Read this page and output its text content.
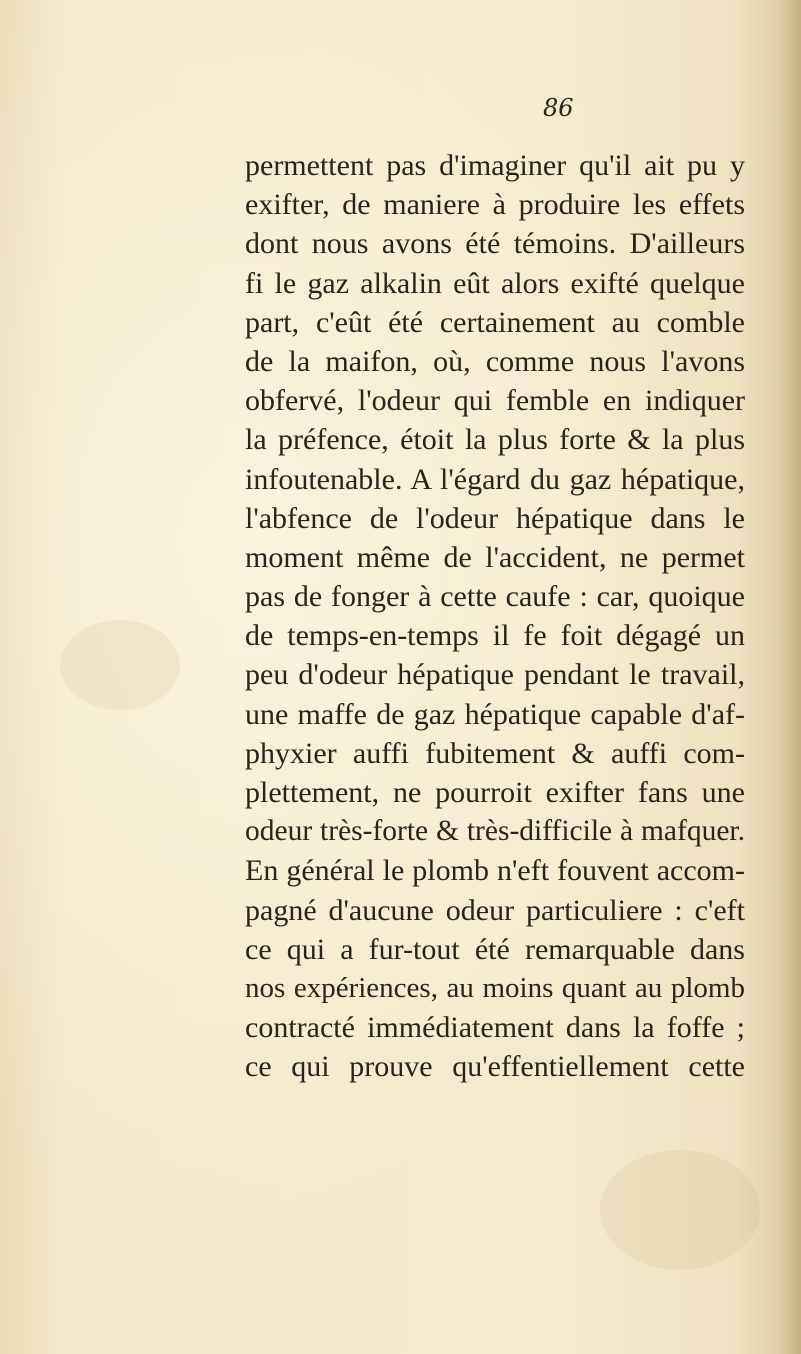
86
permettent pas d'imaginer qu'il ait pu y
exifter, de maniere à produire les effets
dont nous avons été témoins. D'ailleurs
fi le gaz alkalin eût alors exifté quelque
part, c'eût été certainement au comble
de la maifon, où, comme nous l'avons
obfervé, l'odeur qui femble en indiquer
la préfence, étoit la plus forte & la plus
infoutenable. A l'égard du gaz hépatique,
l'abfence de l'odeur hépatique dans le
moment même de l'accident, ne permet
pas de fonger à cette caufe : car, quoique
de temps-en-temps il fe foit dégagé un
peu d'odeur hépatique pendant le travail,
une maffe de gaz hépatique capable d'af-
phyxier auffi fubitement & auffi com-
plettement, ne pourroit exifter fans une
odeur très-forte & très-difficile à mafquer.
En général le plomb n'eft fouvent accom-
pagné d'aucune odeur particuliere : c'eft
ce qui a fur-tout été remarquable dans
nos expériences, au moins quant au plomb
contracté immédiatement dans la foffe ;
ce qui prouve qu'effentiellement cette
